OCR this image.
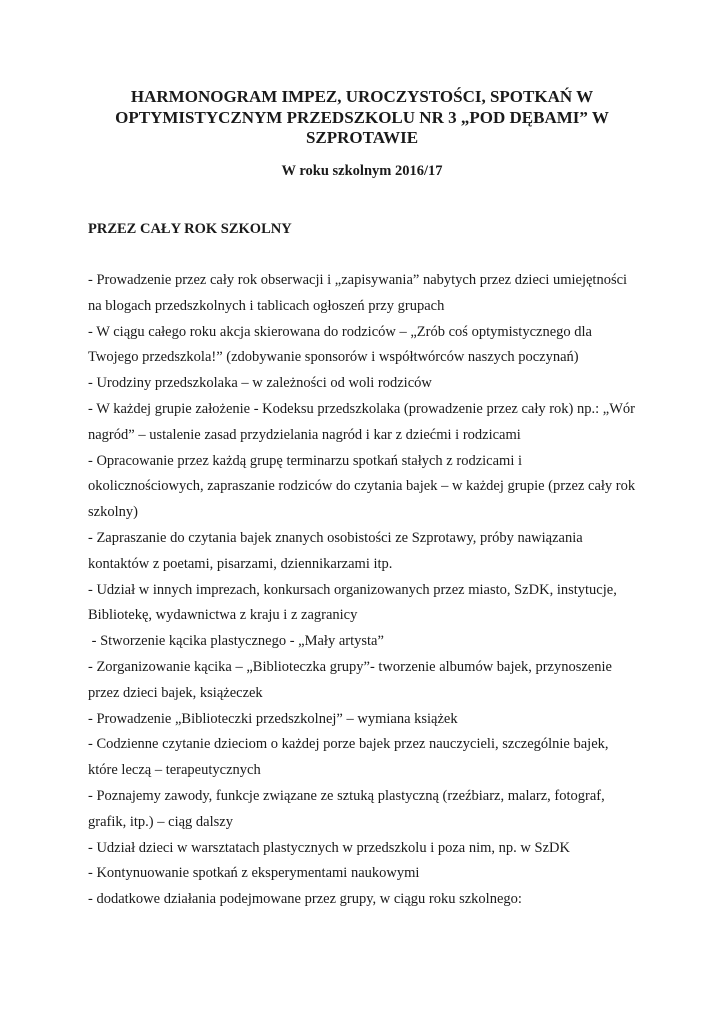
HARMONOGRAM IMPEZ, UROCZYSTOŚCI, SPOTKAŃ W
OPTYMISTYCZNYM PRZEDSZKOLU NR 3 „POD DĘBAMI” W
SZPROTAWIE

W roku szkolnym 2016/17

PRZEZ CAŁY ROK SZKOLNY

- Prowadzenie przez cały rok obserwacji i „zapisywania” nabytych przez dzieci umiejętności
na blogach przedszkolnych i tablicach ogłoszeń przy grupach
- W ciągu całego roku akcja skierowana do rodziców – „Zrób coś optymistycznego dla
Twojego przedszkola!” (zdobywanie sponsorów i współtwórców naszych poczynań)
- Urodziny przedszkolaka – w zależności od woli rodziców
- W każdej grupie założenie - Kodeksu przedszkolaka (prowadzenie przez cały rok) np.: „Wór
nagród” – ustalenie zasad przydzielania nagród i kar z dziećmi i rodzicami
- Opracowanie przez każdą grupę terminarzu spotkań stałych z rodzicami i
okolicznościowych, zapraszanie rodziców do czytania bajek – w każdej grupie (przez cały rok
szkolny)
- Zapraszanie do czytania bajek znanych osobistości ze Szprotawy, próby nawiązania
kontaktów z poetami, pisarzami, dziennikarzami itp.
- Udział w innych imprezach, konkursach organizowanych przez miasto, SzDK, instytucje,
Bibliotekę, wydawnictwa z kraju i z zagranicy
- Stworzenie kącika plastycznego - „Mały artysta”
- Zorganizowanie kącika – „Biblioteczka grupy”- tworzenie albumów bajek, przynoszenie
przez dzieci bajek, książeczek
- Prowadzenie „Biblioteczki przedszkolnej” – wymiana książek
- Codzienne czytanie dzieciom o każdej porze bajek przez nauczycieli, szczególnie bajek,
które leczą – terapeutycznych
- Poznajemy zawody, funkcje związane ze sztuką plastyczną (rzeźbiarz, malarz, fotograf,
grafik, itp.) – ciąg dalszy
- Udział dzieci w warsztatach plastycznych w przedszkolu i poza nim, np. w SzDK
- Kontynuowanie spotkań z eksperymentami naukowymi
- dodatkowe działania podejmowane przez grupy, w ciągu roku szkolnego:
